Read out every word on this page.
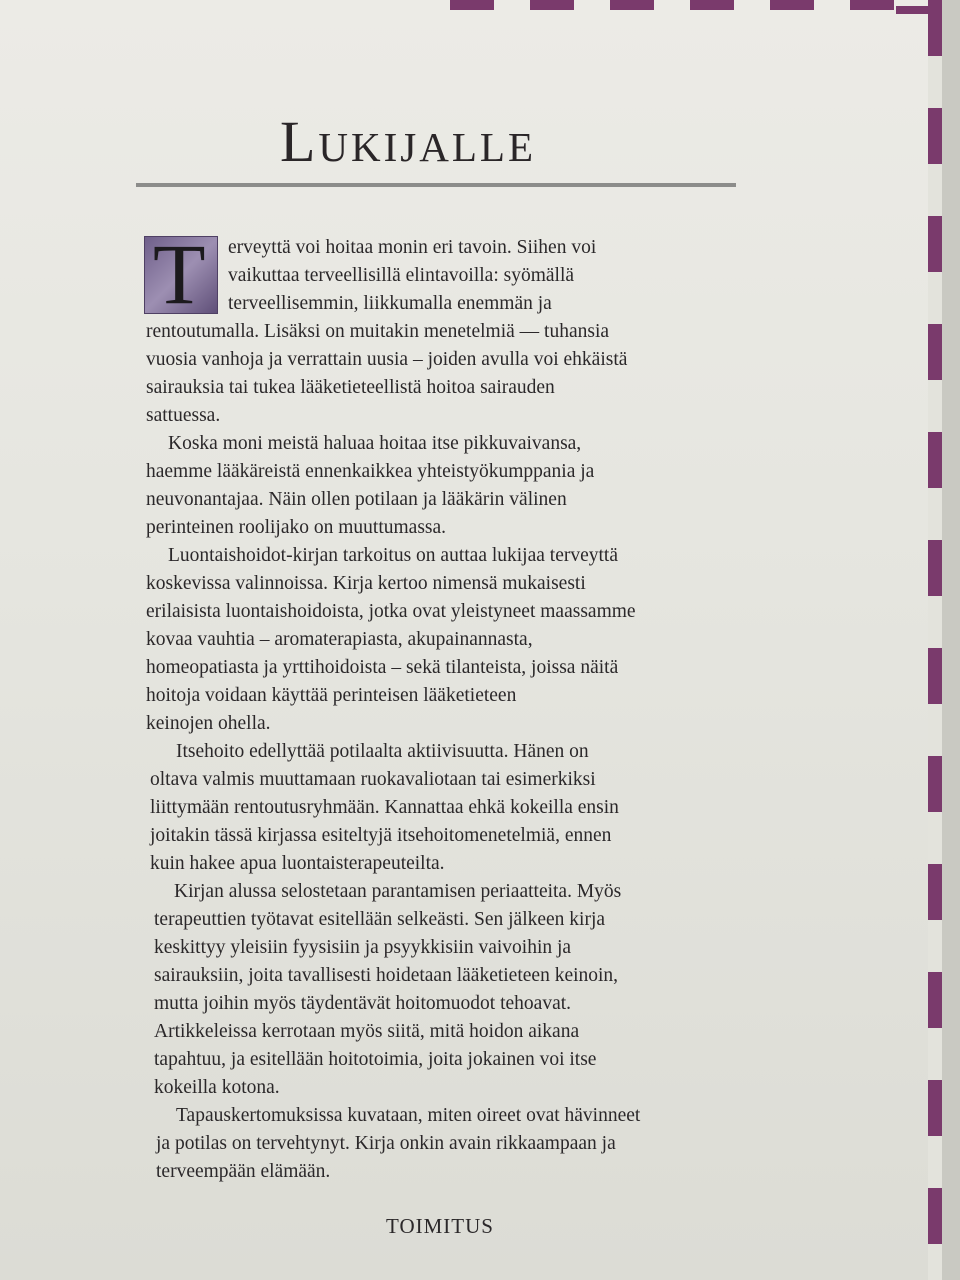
Lukijalle
T erveyttä voi hoitaa monin eri tavoin. Siihen voi
vaikuttaa terveellisillä elintavoilla: syömällä
terveellisemmin, liikkumalla enemmän ja
rentoutumalla. Lisäksi on muitakin menetelmiä — tuhansia
vuosia vanhoja ja verrattain uusia – joiden avulla voi ehkäistä
sairauksia tai tukea lääketieteellistä hoitoa sairauden
sattuessa.
Koska moni meistä haluaa hoitaa itse pikkuvaivansa,
haemme lääkäreistä ennenkaikkea yhteistyökumppania ja
neuvonantajaa. Näin ollen potilaan ja lääkärin välinen
perinteinen roolijako on muuttumassa.
Luontaishoidot-kirjan tarkoitus on auttaa lukijaa terveyttä
koskevissa valinnoissa. Kirja kertoo nimensä mukaisesti
erilaisista luontaishoidoista, jotka ovat yleistyneet maassamme
kovaa vauhtia – aromaterapiasta, akupainannasta,
homeopatiasta ja yrttihoidoista – sekä tilanteista, joissa näitä
hoitoja voidaan käyttää perinteisen lääketieteen
keinojen ohella.
Itsehoito edellyttää potilaalta aktiivisuutta. Hänen on
oltava valmis muuttamaan ruokavaliotaan tai esimerkiksi
liittymään rentoutusryhmään. Kannattaa ehkä kokeilla ensin
joitakin tässä kirjassa esiteltyjä itsehoitomenetelmiä, ennen
kuin hakee apua luontaisterapeuteilta.
Kirjan alussa selostetaan parantamisen periaatteita. Myös
terapeuttien työtavat esitellään selkeästi. Sen jälkeen kirja
keskittyy yleisiin fyysisiin ja psyykkisiin vaivoihin ja
sairauksiin, joita tavallisesti hoidetaan lääketieteen keinoin,
mutta joihin myös täydentävät hoitomuodot tehoavat.
Artikkeleissa kerrotaan myös siitä, mitä hoidon aikana
tapahtuu, ja esitellään hoitotoimia, joita jokainen voi itse
kokeilla kotona.
Tapauskertomuksissa kuvataan, miten oireet ovat hävinneet
ja potilas on tervehtynyt. Kirja onkin avain rikkaampaan ja
terveempään elämään.
TOIMITUS
